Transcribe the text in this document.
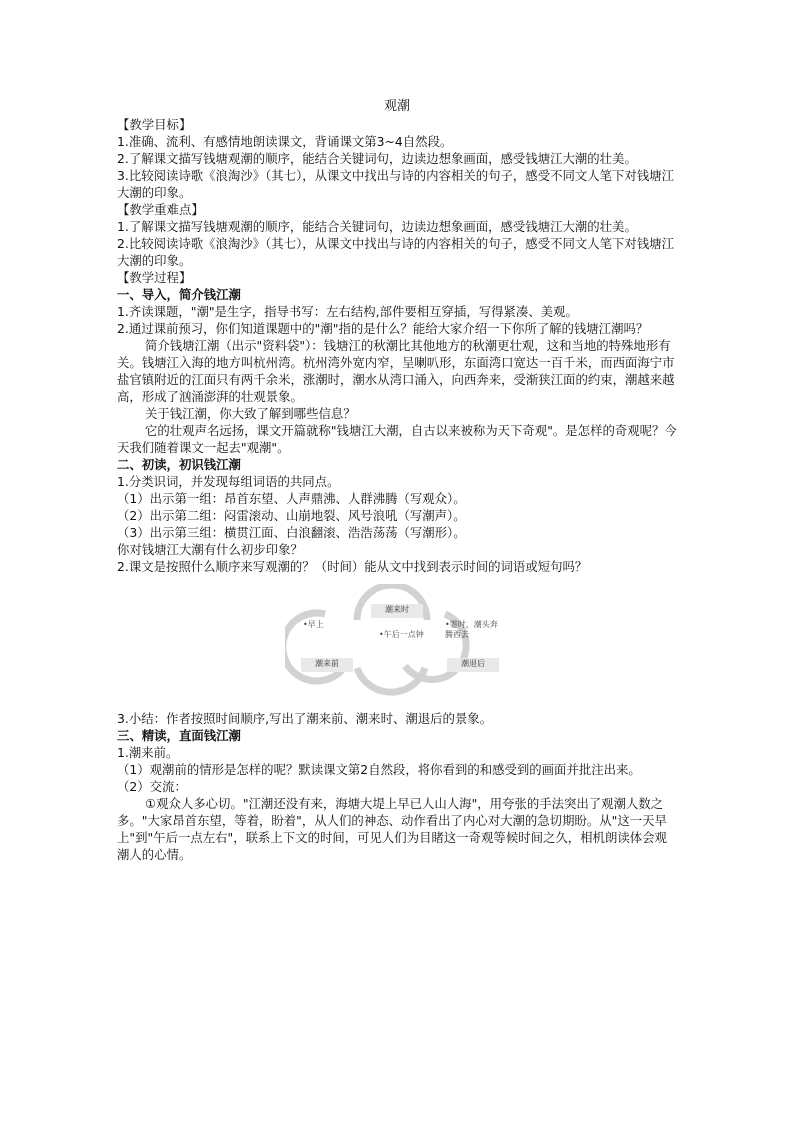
观潮

【教学目标】

1.准确、流利、有感情地朗读课文，背诵课文第3~4自然段。

2.了解课文描写钱塘观潮的顺序，能结合关键词句，边读边想象画面，感受钱塘江大潮的壮美。

3.比较阅读诗歌《浪淘沙》（其七），从课文中找出与诗的内容相关的句子，感受不同文人笔下对钱塘江大潮的印象。

【教学重难点】

1.了解课文描写钱塘观潮的顺序，能结合关键词句，边读边想象画面，感受钱塘江大潮的壮美。

2.比较阅读诗歌《浪淘沙》（其七），从课文中找出与诗的内容相关的句子，感受不同文人笔下对钱塘江大潮的印象。

【教学过程】

一、导入，简介钱江潮

1.齐读课题，"潮"是生字，指导书写：左右结构,部件要相互穿插，写得紧凑、美观。

2.通过课前预习，你们知道课题中的"潮"指的是什么？能给大家介绍一下你所了解的钱塘江潮吗？

简介钱塘江潮（出示"资料袋"）：钱塘江的秋潮比其他地方的秋潮更壮观，这和当地的特殊地形有关。钱塘江入海的地方叫杭州湾。杭州湾外宽内窄，呈喇叭形，东面湾口宽达一百千米，而西面海宁市盐官镇附近的江面只有两千余米，涨潮时，潮水从湾口涌入，向西奔来，受渐狭江面的约束，潮越来越高，形成了汹涌澎湃的壮观景象。

关于钱江潮，你大致了解到哪些信息？

它的壮观声名远扬，课文开篇就称"钱塘江大潮，自古以来被称为天下奇观"。是怎样的奇观呢？今天我们随着课文一起去"观潮"。

二、初读，初识钱江潮

1.分类识词，并发现每组词语的共同点。

（1）出示第一组：昂首东望、人声鼎沸、人群沸腾（写观众）。

（2）出示第二组：闷雷滚动、山崩地裂、风号浪吼（写潮声）。

（3）出示第三组：横贯江面、白浪翻滚、浩浩荡荡（写潮形）。

你对钱塘江大潮有什么初步印象？

2.课文是按照什么顺序来写观潮的？（时间）能从文中找到表示时间的词语或短句吗？

潮来前
潮来时
潮退后
•早上
•午后一点钟
•霎时，潮头奔腾西去

3.小结：作者按照时间顺序,写出了潮来前、潮来时、潮退后的景象。

三、精读，直面钱江潮

1.潮来前。

（1）观潮前的情形是怎样的呢？默读课文第2自然段，将你看到的和感受到的画面并批注出来。

（2）交流：

①观众人多心切。"江潮还没有来，海塘大堤上早已人山人海"，用夸张的手法突出了观潮人数之多。"大家昂首东望，等着，盼着"，从人们的神态、动作看出了内心对大潮的急切期盼。从"这一天早上"到"午后一点左右"，联系上下文的时间，可见人们为目睹这一奇观等候时间之久，相机朗读体会观潮人的心情。
